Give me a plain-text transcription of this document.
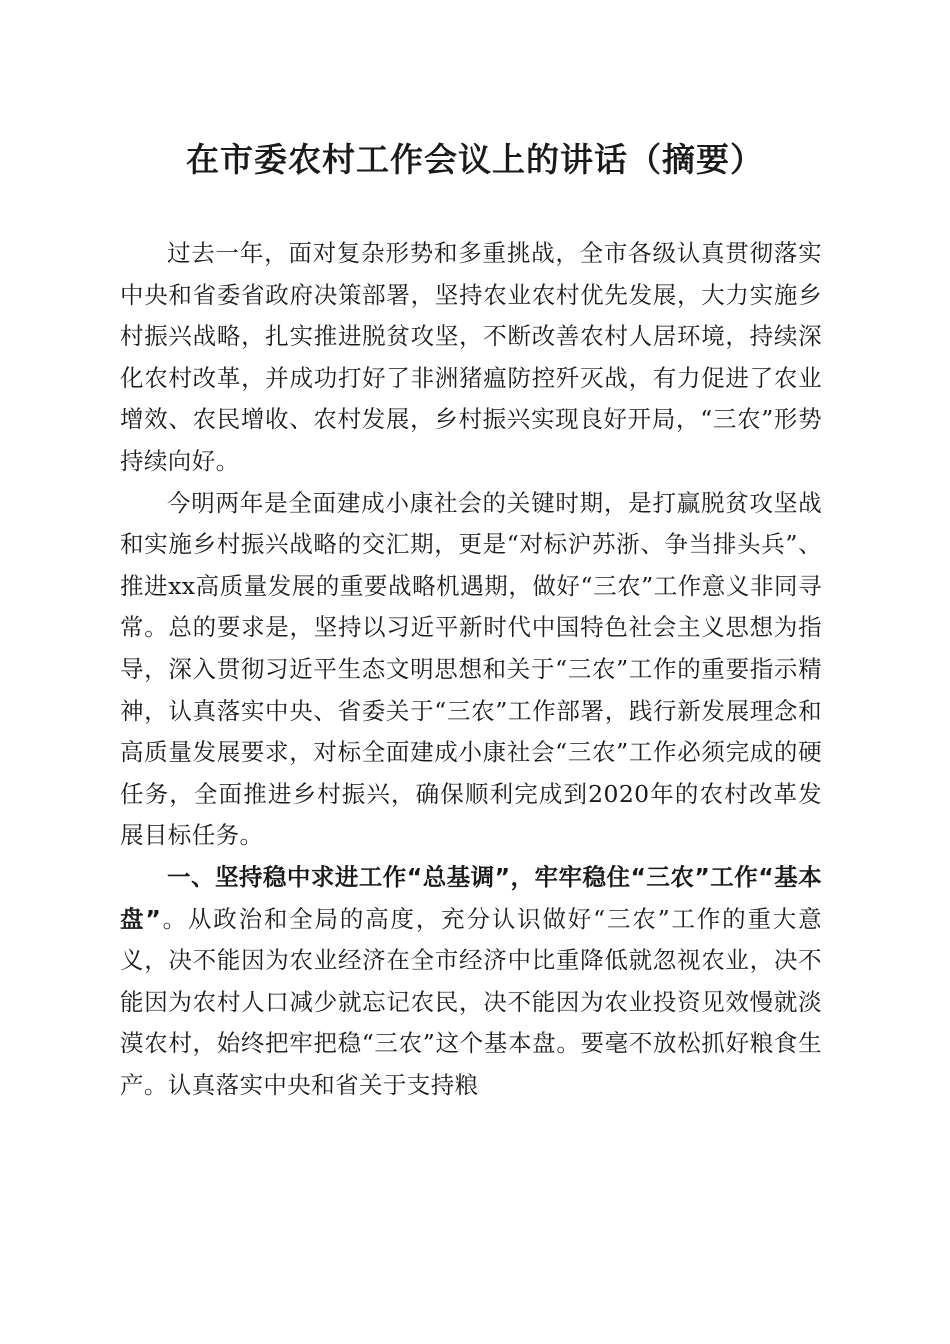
在市委农村工作会议上的讲话（摘要）

过去一年，面对复杂形势和多重挑战，全市各级认真贯彻落实中央和省委省政府决策部署，坚持农业农村优先发展，大力实施乡村振兴战略，扎实推进脱贫攻坚，不断改善农村人居环境，持续深化农村改革，并成功打好了非洲猪瘟防控歼灭战，有力促进了农业增效、农民增收、农村发展，乡村振兴实现良好开局，“三农”形势持续向好。

今明两年是全面建成小康社会的关键时期，是打赢脱贫攻坚战和实施乡村振兴战略的交汇期，更是“对标沪苏浙、争当排头兵”、推进xx高质量发展的重要战略机遇期，做好“三农”工作意义非同寻常。总的要求是，坚持以习近平新时代中国特色社会主义思想为指导，深入贯彻习近平生态文明思想和关于“三农”工作的重要指示精神，认真落实中央、省委关于“三农”工作部署，践行新发展理念和高质量发展要求，对标全面建成小康社会“三农”工作必须完成的硬任务，全面推进乡村振兴，确保顺利完成到2020年的农村改革发展目标任务。

一、坚持稳中求进工作“总基调”，牢牢稳住“三农”工作“基本盘”。从政治和全局的高度，充分认识做好“三农”工作的重大意义，决不能因为农业经济在全市经济中比重降低就忽视农业，决不能因为农村人口减少就忘记农民，决不能因为农业投资见效慢就淡漠农村，始终把牢把稳“三农”这个基本盘。要毫不放松抓好粮食生产。认真落实中央和省关于支持粮
